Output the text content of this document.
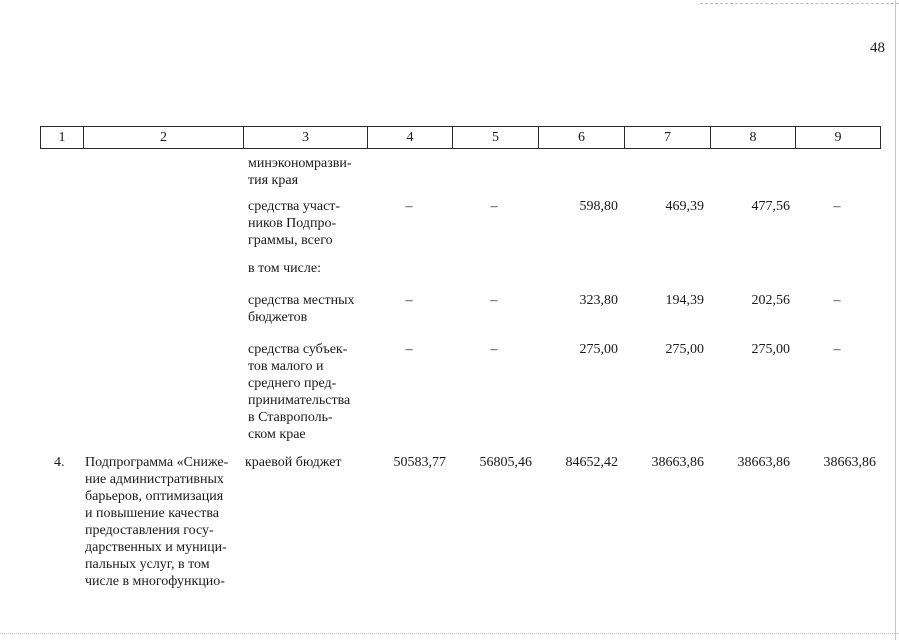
48
1	2	3	4	5	6	7	8	9
минэкономразви-
тия края
средства участ-
ников Подпро-
граммы, всего
–	–	598,80	469,39	477,56	–
в том числе:
средства местных
бюджетов
–	–	323,80	194,39	202,56	–
средства субъек-
тов малого и
среднего пред-
принимательства
в Ставрополь-
ском крае
–	–	275,00	275,00	275,00	–
4.	Подпрограмма «Сниже-
ние административных
барьеров, оптимизация
и повышение качества
предоставления госу-
дарственных и муници-
пальных услуг, в том
числе в многофункцио-
краевой бюджет	50583,77	56805,46	84652,42	38663,86	38663,86	38663,86
